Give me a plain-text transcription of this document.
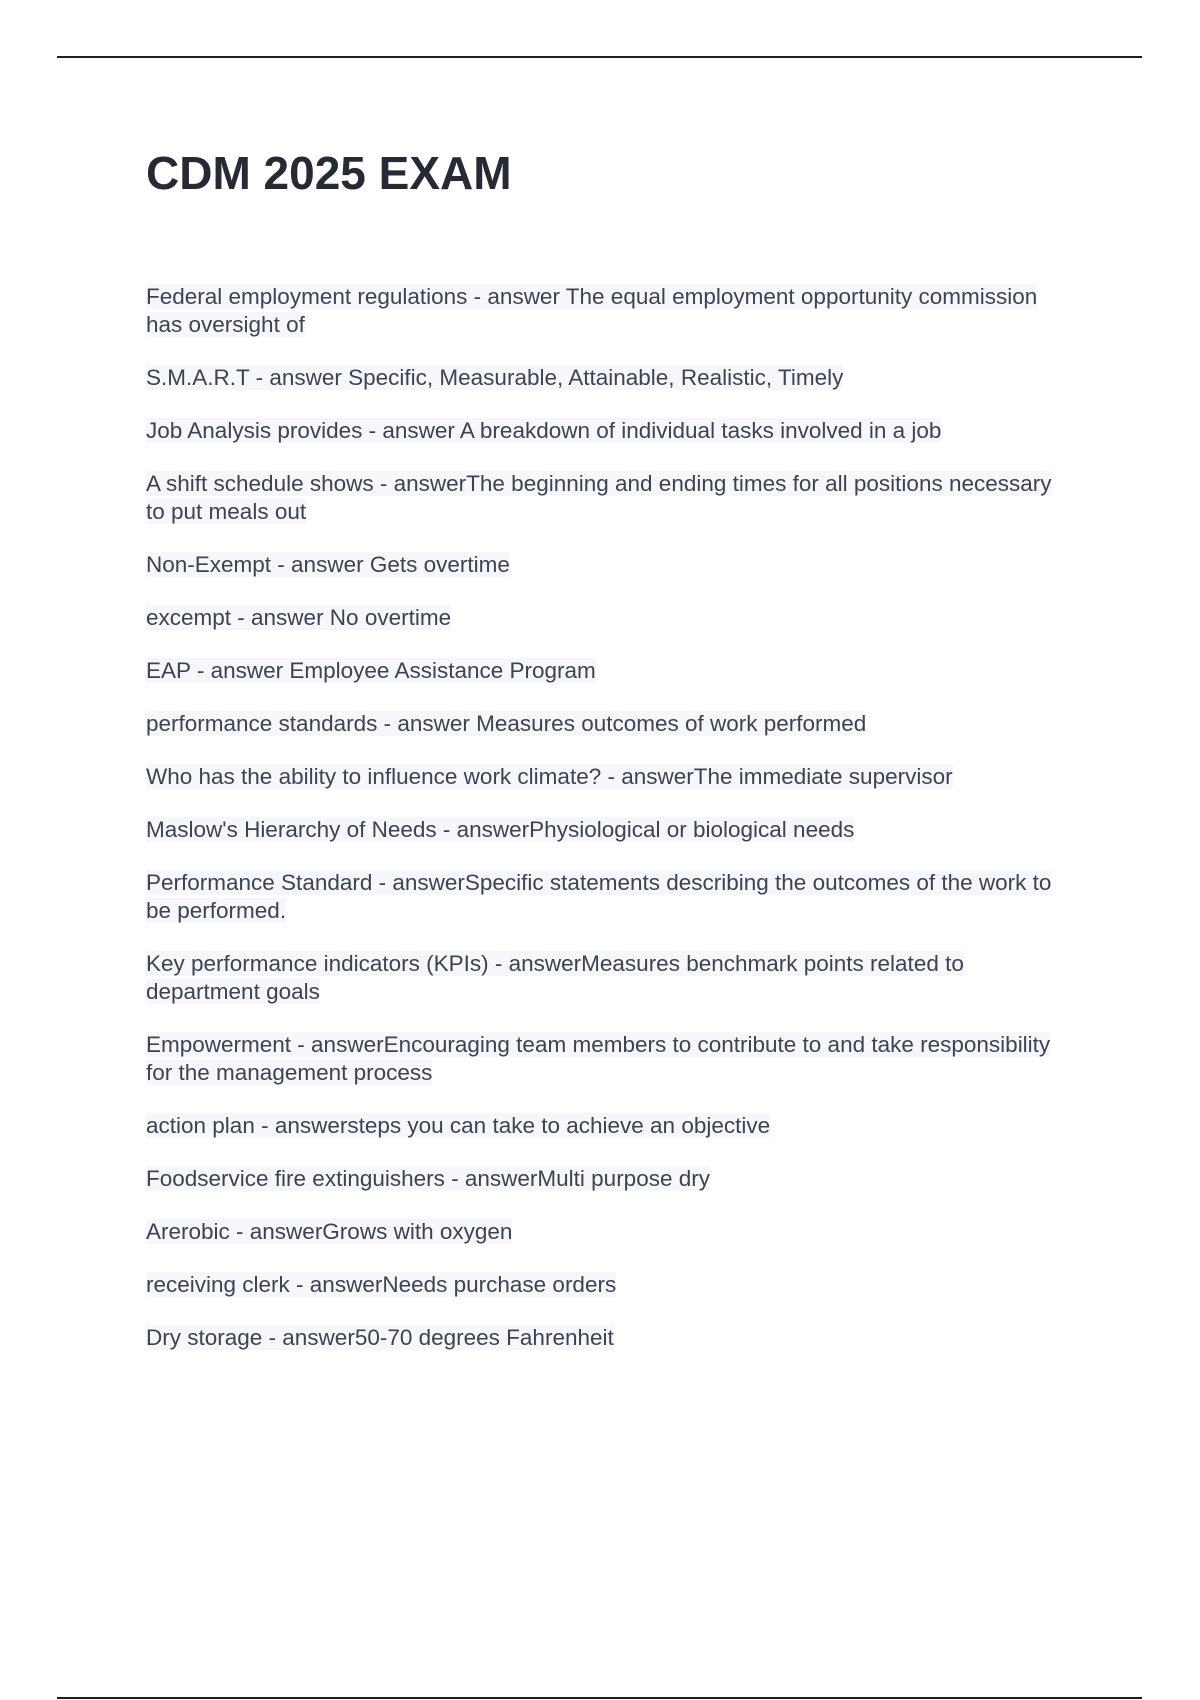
CDM 2025 EXAM

Federal employment regulations - answer The equal employment opportunity commission has oversight of

S.M.A.R.T - answer Specific, Measurable, Attainable, Realistic, Timely

Job Analysis provides - answer A breakdown of individual tasks involved in a job

A shift schedule shows - answerThe beginning and ending times for all positions necessary to put meals out

Non-Exempt - answer Gets overtime

excempt - answer No overtime

EAP - answer Employee Assistance Program

performance standards - answer Measures outcomes of work performed

Who has the ability to influence work climate? - answerThe immediate supervisor

Maslow's Hierarchy of Needs - answerPhysiological or biological needs

Performance Standard - answerSpecific statements describing the outcomes of the work to be performed.

Key performance indicators (KPIs) - answerMeasures benchmark points related to department goals

Empowerment - answerEncouraging team members to contribute to and take responsibility for the management process

action plan - answersteps you can take to achieve an objective

Foodservice fire extinguishers - answerMulti purpose dry

Arerobic - answerGrows with oxygen

receiving clerk - answerNeeds purchase orders

Dry storage - answer50-70 degrees Fahrenheit
